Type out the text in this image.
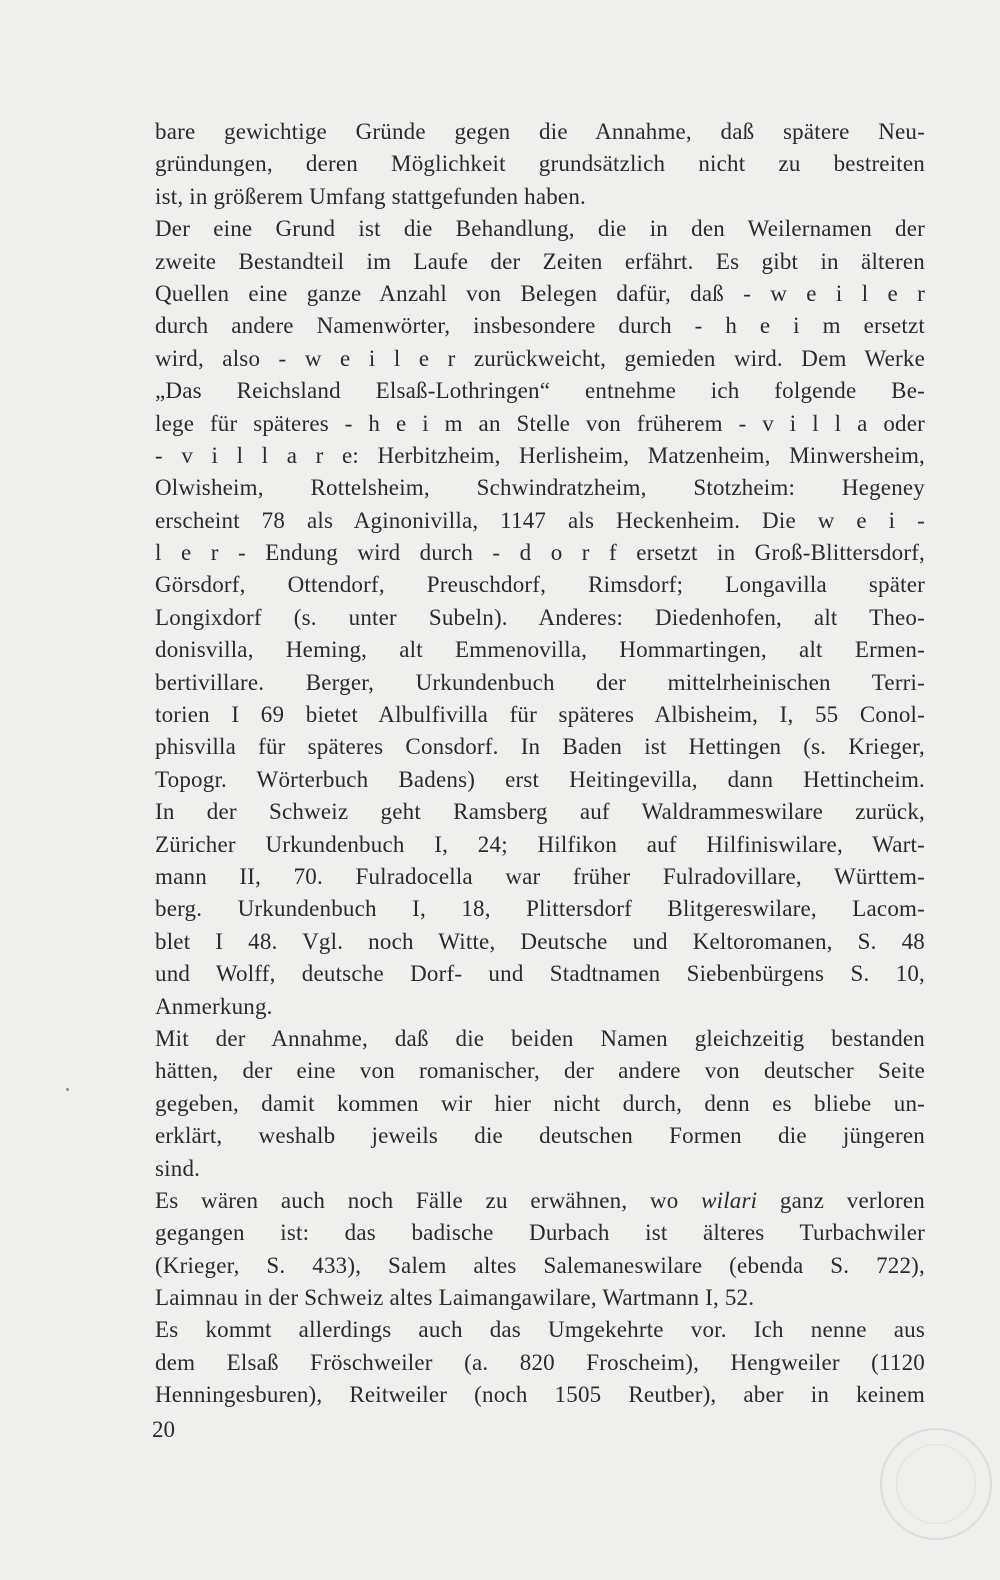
bare gewichtige Gründe gegen die Annahme, daß spätere Neu-
gründungen, deren Möglichkeit grundsätzlich nicht zu bestreiten
ist, in größerem Umfang stattgefunden haben.
Der eine Grund ist die Behandlung, die in den Weilernamen der
zweite Bestandteil im Laufe der Zeiten erfährt. Es gibt in älteren
Quellen eine ganze Anzahl von Belegen dafür, daß - w e i l e r
durch andere Namenwörter, insbesondere durch - h e i m ersetzt
wird, also - w e i l e r zurückweicht, gemieden wird. Dem Werke
„Das Reichsland Elsaß-Lothringen“ entnehme ich folgende Be-
lege für späteres - h e i m an Stelle von früherem - v i l l a oder
- v i l l a r e: Herbitzheim, Herlisheim, Matzenheim, Minwersheim,
Olwisheim, Rottelsheim, Schwindratzheim, Stotzheim: Hegeney
erscheint 78 als Aginonivilla, 1147 als Heckenheim. Die w e i -
l e r - Endung wird durch - d o r f ersetzt in Groß-Blittersdorf,
Görsdorf, Ottendorf, Preuschdorf, Rimsdorf; Longavilla später
Longixdorf (s. unter Subeln). Anderes: Diedenhofen, alt Theo-
donisvilla, Heming, alt Emmenovilla, Hommartingen, alt Ermen-
bertivillare. Berger, Urkundenbuch der mittelrheinischen Terri-
torien I 69 bietet Albulfivilla für späteres Albisheim, I, 55 Conol-
phisvilla für späteres Consdorf. In Baden ist Hettingen (s. Krieger,
Topogr. Wörterbuch Badens) erst Heitingevilla, dann Hettincheim.
In der Schweiz geht Ramsberg auf Waldrammeswilare zurück,
Züricher Urkundenbuch I, 24; Hilfikon auf Hilfiniswilare, Wart-
mann II, 70. Fulradocella war früher Fulradovillare, Württem-
berg. Urkundenbuch I, 18, Plittersdorf Blitgereswilare, Lacom-
blet I 48. Vgl. noch Witte, Deutsche und Keltoromanen, S. 48
und Wolff, deutsche Dorf- und Stadtnamen Siebenbürgens S. 10,
Anmerkung.
Mit der Annahme, daß die beiden Namen gleichzeitig bestanden
hätten, der eine von romanischer, der andere von deutscher Seite
gegeben, damit kommen wir hier nicht durch, denn es bliebe un-
erklärt, weshalb jeweils die deutschen Formen die jüngeren
sind.
Es wären auch noch Fälle zu erwähnen, wo wilari ganz verloren
gegangen ist: das badische Durbach ist älteres Turbachwiler
(Krieger, S. 433), Salem altes Salemaneswilare (ebenda S. 722),
Laimnau in der Schweiz altes Laimangawilare, Wartmann I, 52.
Es kommt allerdings auch das Umgekehrte vor. Ich nenne aus
dem Elsaß Fröschweiler (a. 820 Froscheim), Hengweiler (1120
Henningesburen), Reitweiler (noch 1505 Reutber), aber in keinem
20
